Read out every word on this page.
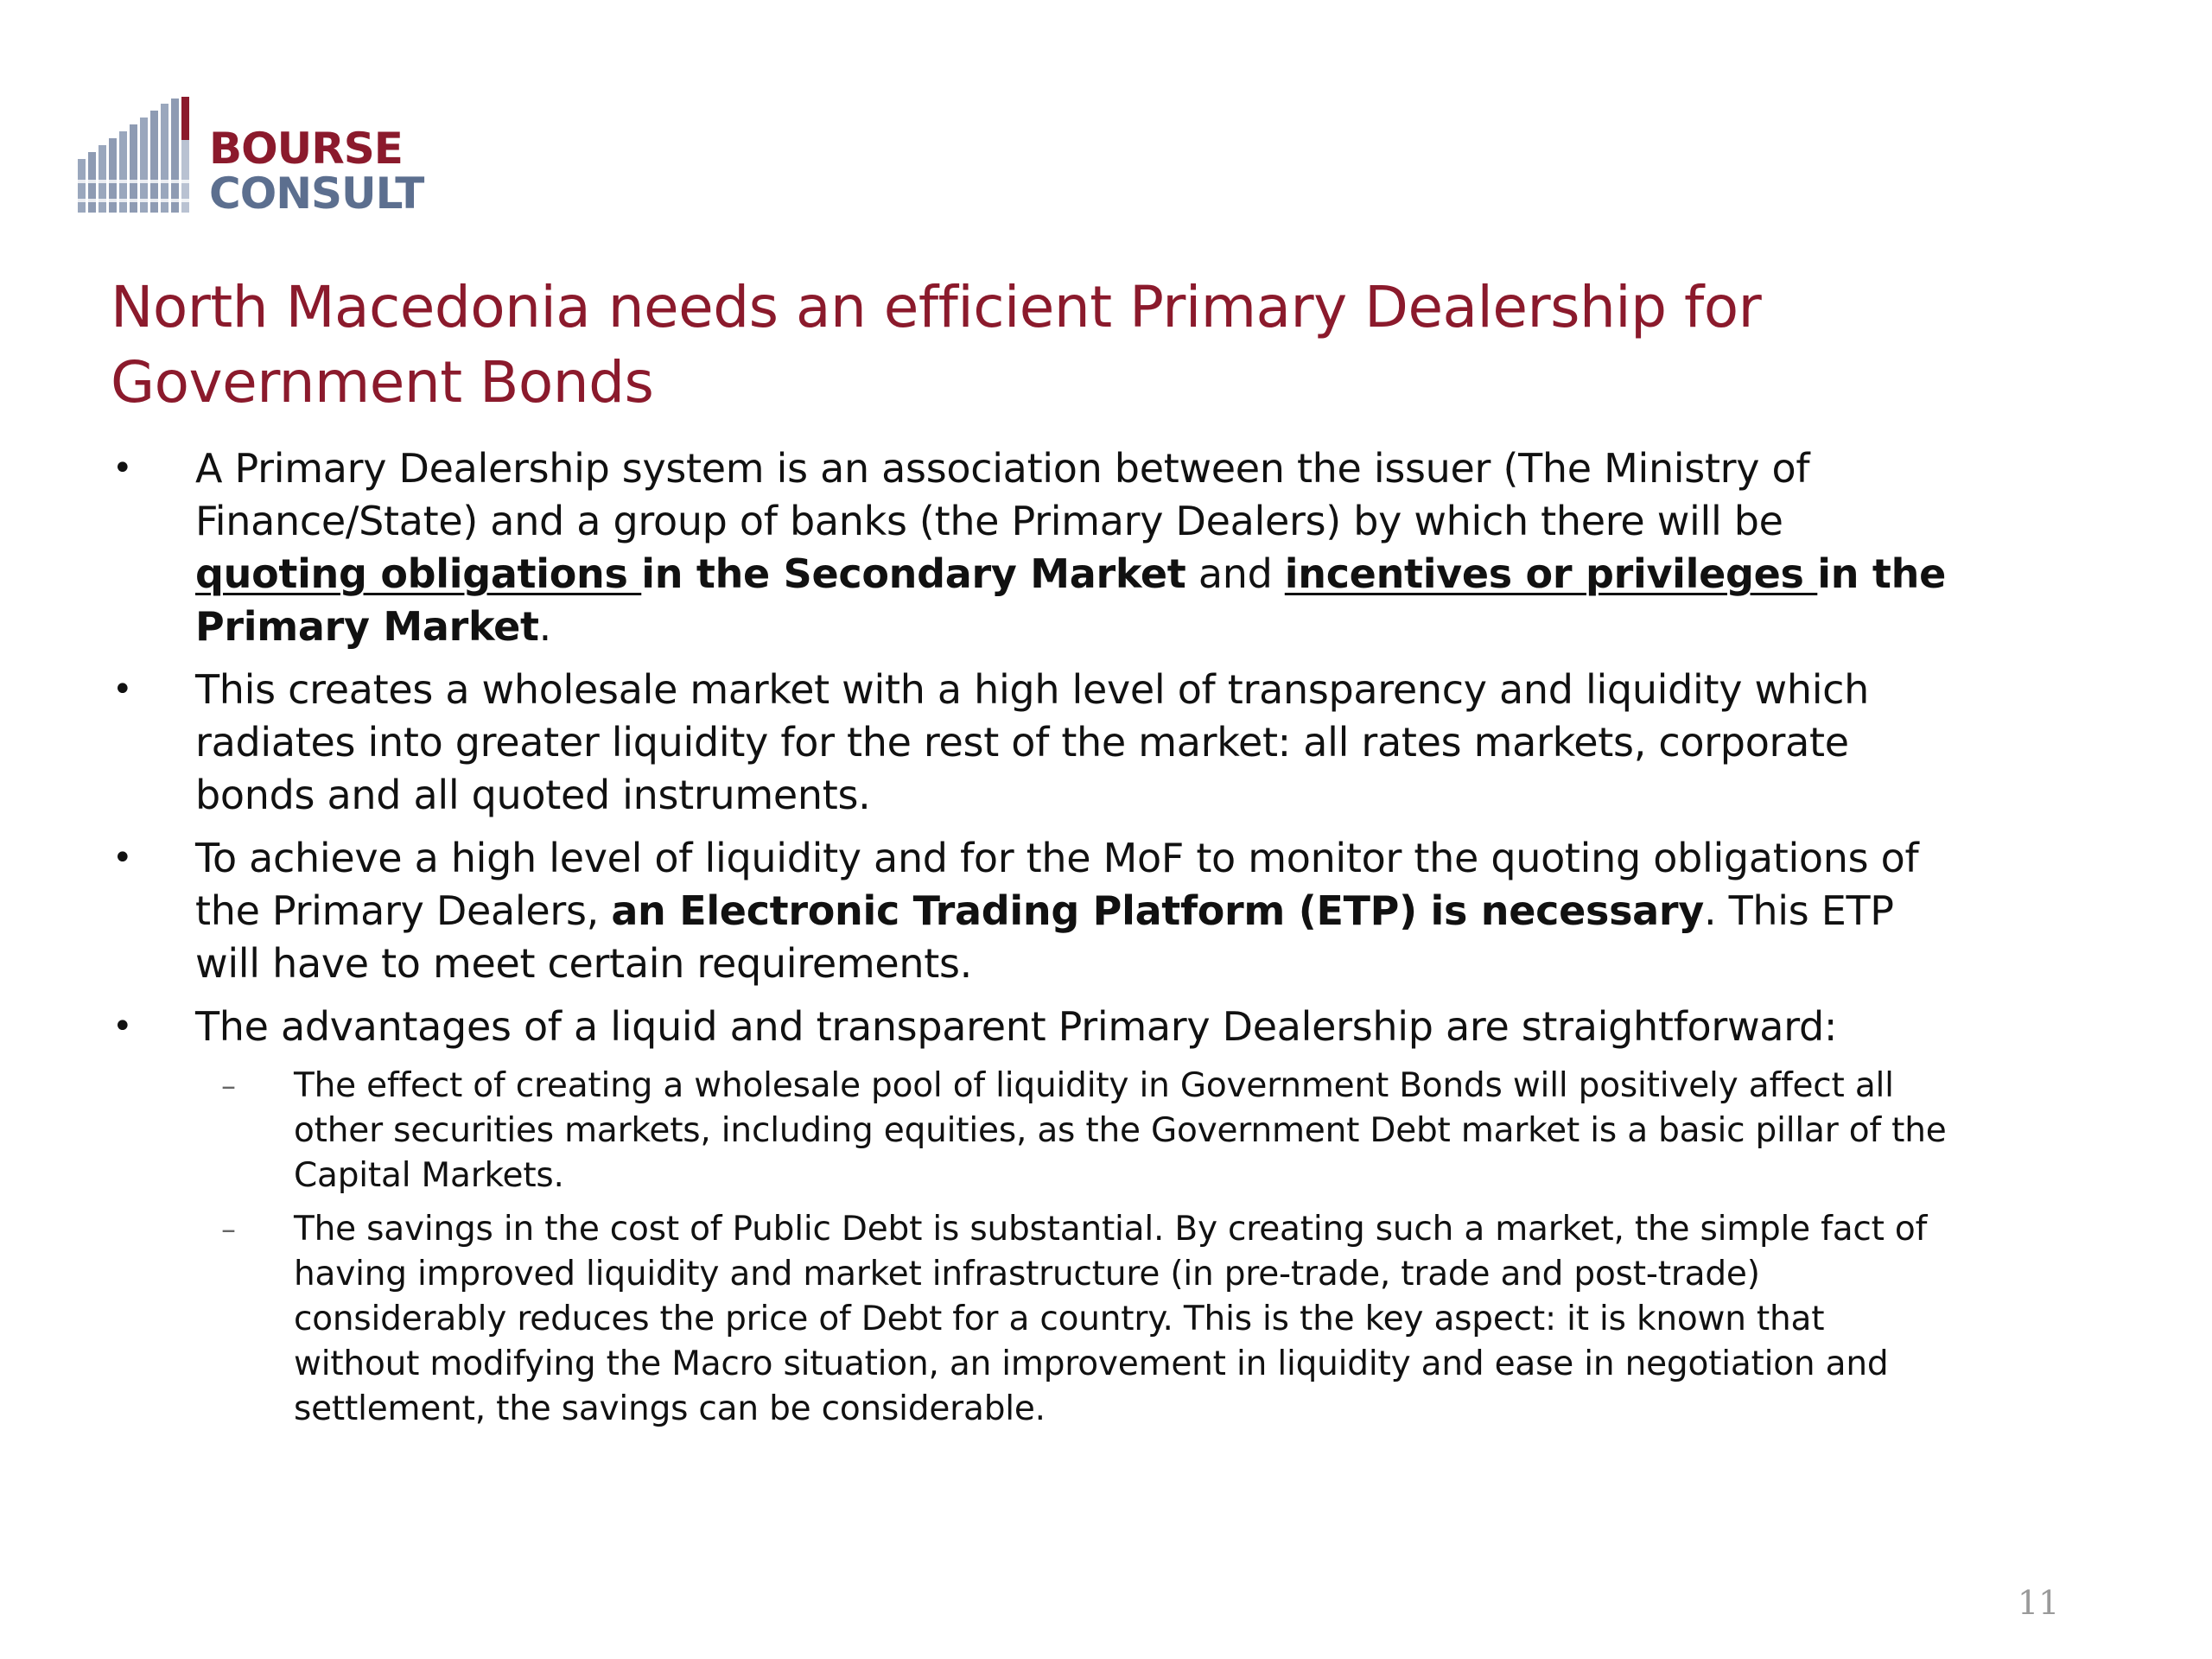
BOURSE
CONSULT
North Macedonia needs an efficient Primary Dealership for Government Bonds

• A Primary Dealership system is an association between the issuer (The Ministry of Finance/State) and a group of banks (the Primary Dealers) by which there will be quoting obligations in the Secondary Market and incentives or privileges in the Primary Market.

• This creates a wholesale market with a high level of transparency and liquidity which radiates into greater liquidity for the rest of the market: all rates markets, corporate bonds and all quoted instruments.

• To achieve a high level of liquidity and for the MoF to monitor the quoting obligations of the Primary Dealers, an Electronic Trading Platform (ETP) is necessary. This ETP will have to meet certain requirements.

• The advantages of a liquid and transparent Primary Dealership are straightforward:

– The effect of creating a wholesale pool of liquidity in Government Bonds will positively affect all other securities markets, including equities, as the Government Debt market is a basic pillar of the Capital Markets.

– The savings in the cost of Public Debt is substantial. By creating such a market, the simple fact of having improved liquidity and market infrastructure (in pre-trade, trade and post-trade) considerably reduces the price of Debt for a country. This is the key aspect: it is known that without modifying the Macro situation, an improvement in liquidity and ease in negotiation and settlement, the savings can be considerable.

11
